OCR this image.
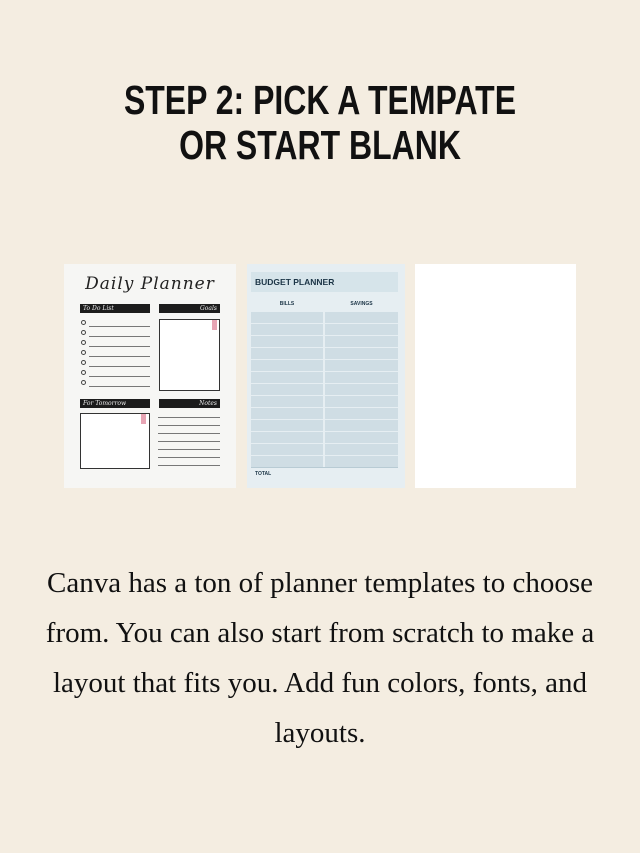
STEP 2: PICK A TEMPATE
OR START BLANK
Daily Planner
To Do List	Goals
For Tomorrow	Notes
BUDGET PLANNER
BILLS	SAVINGS
TOTAL
Canva has a ton of planner templates to choose from. You can also start from scratch to make a layout that fits you. Add fun colors, fonts, and layouts.
